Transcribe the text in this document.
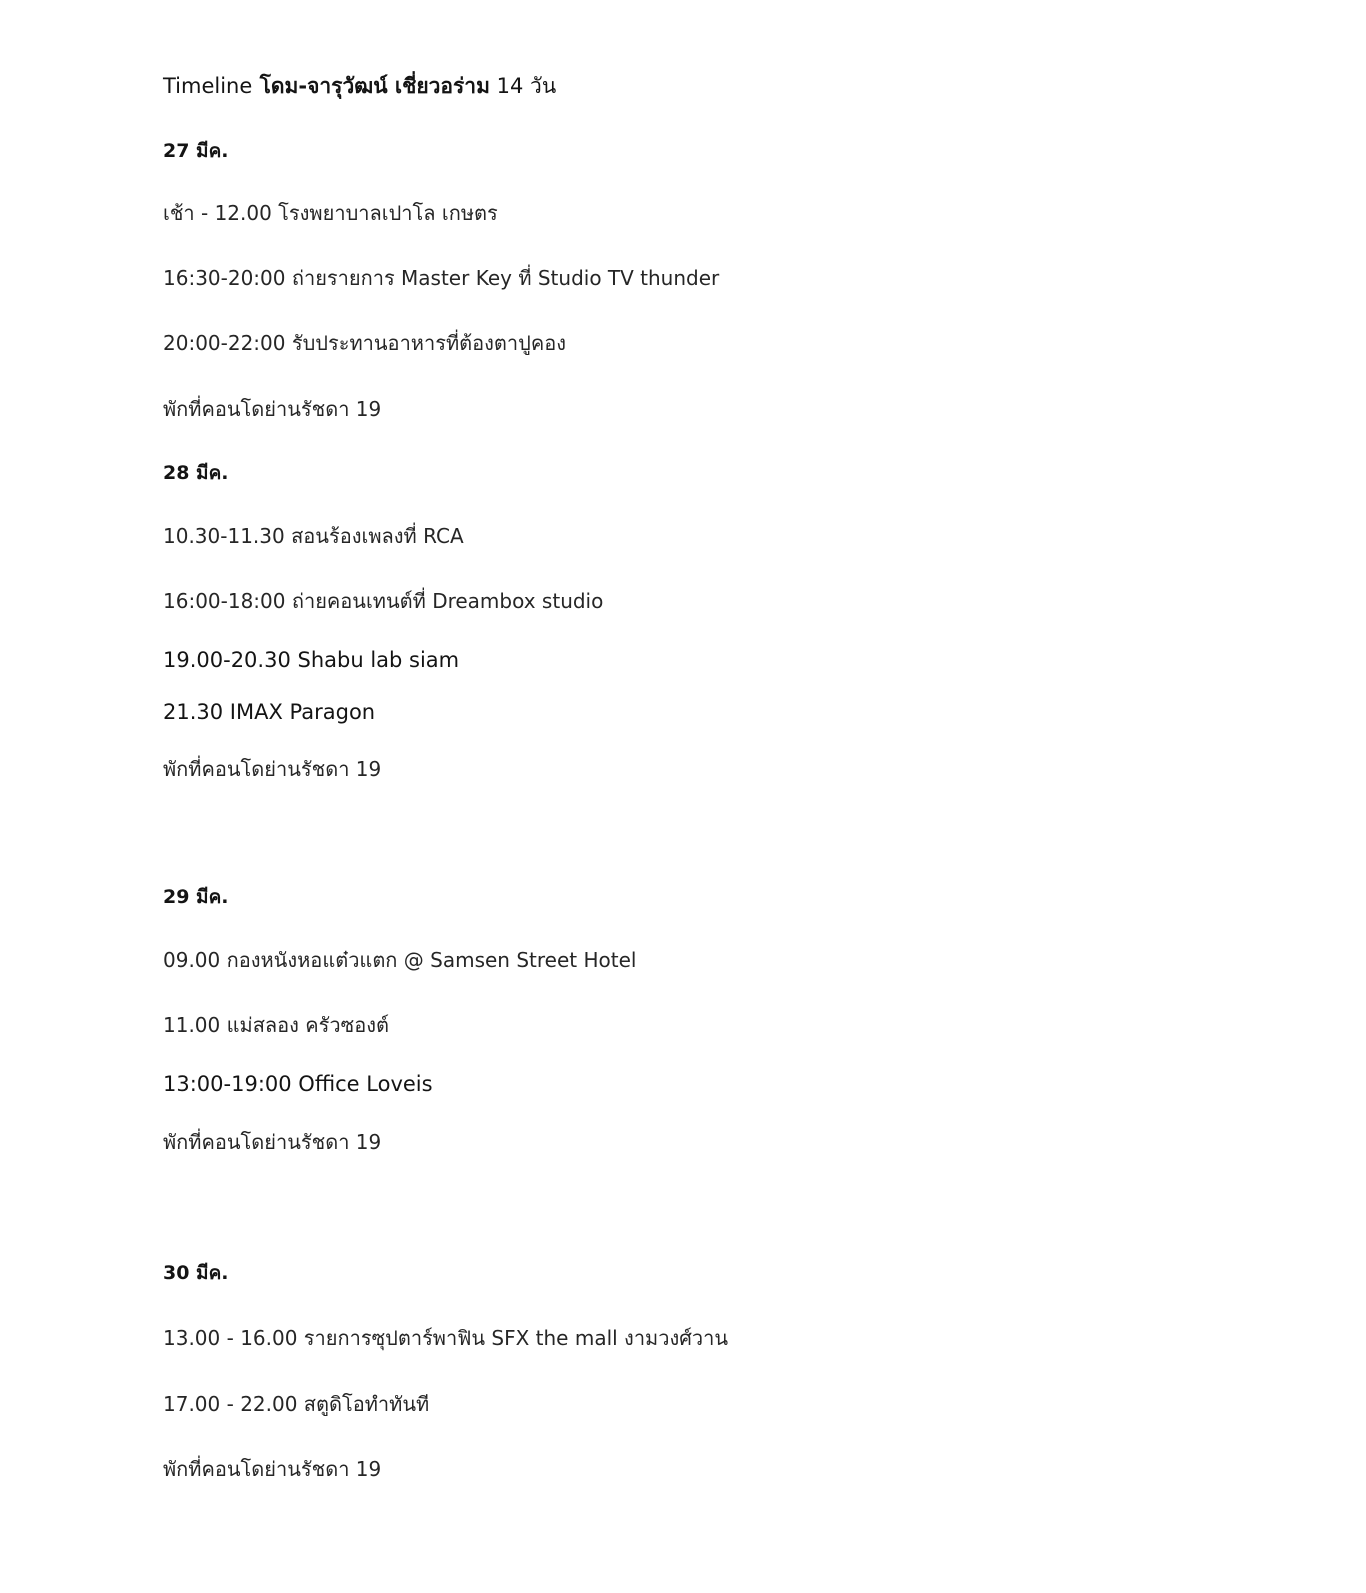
Timeline โดม-จารุวัฒน์ เชี่ยวอร่าม 14 วัน
27 มีค.
เช้า - 12.00 โรงพยาบาลเปาโล เกษตร
16:30-20:00 ถ่ายรายการ Master Key ที่ Studio TV thunder
20:00-22:00 รับประทานอาหารที่ต้องตาปูคอง
พักที่คอนโดย่านรัชดา 19
28 มีค.
10.30-11.30 สอนร้องเพลงที่ RCA
16:00-18:00 ถ่ายคอนเทนต์ที่ Dreambox studio
19.00-20.30 Shabu lab siam
21.30 IMAX Paragon
พักที่คอนโดย่านรัชดา 19
29 มีค.
09.00 กองหนังหอแต๋วแตก @ Samsen Street Hotel
11.00 แม่สลอง ครัวซองต์
13:00-19:00 Office Loveis
พักที่คอนโดย่านรัชดา 19
30 มีค.
13.00 - 16.00 รายการซุปตาร์พาฟิน SFX the mall งามวงศ์วาน
17.00 - 22.00 สตูดิโอทำทันที
พักที่คอนโดย่านรัชดา 19
